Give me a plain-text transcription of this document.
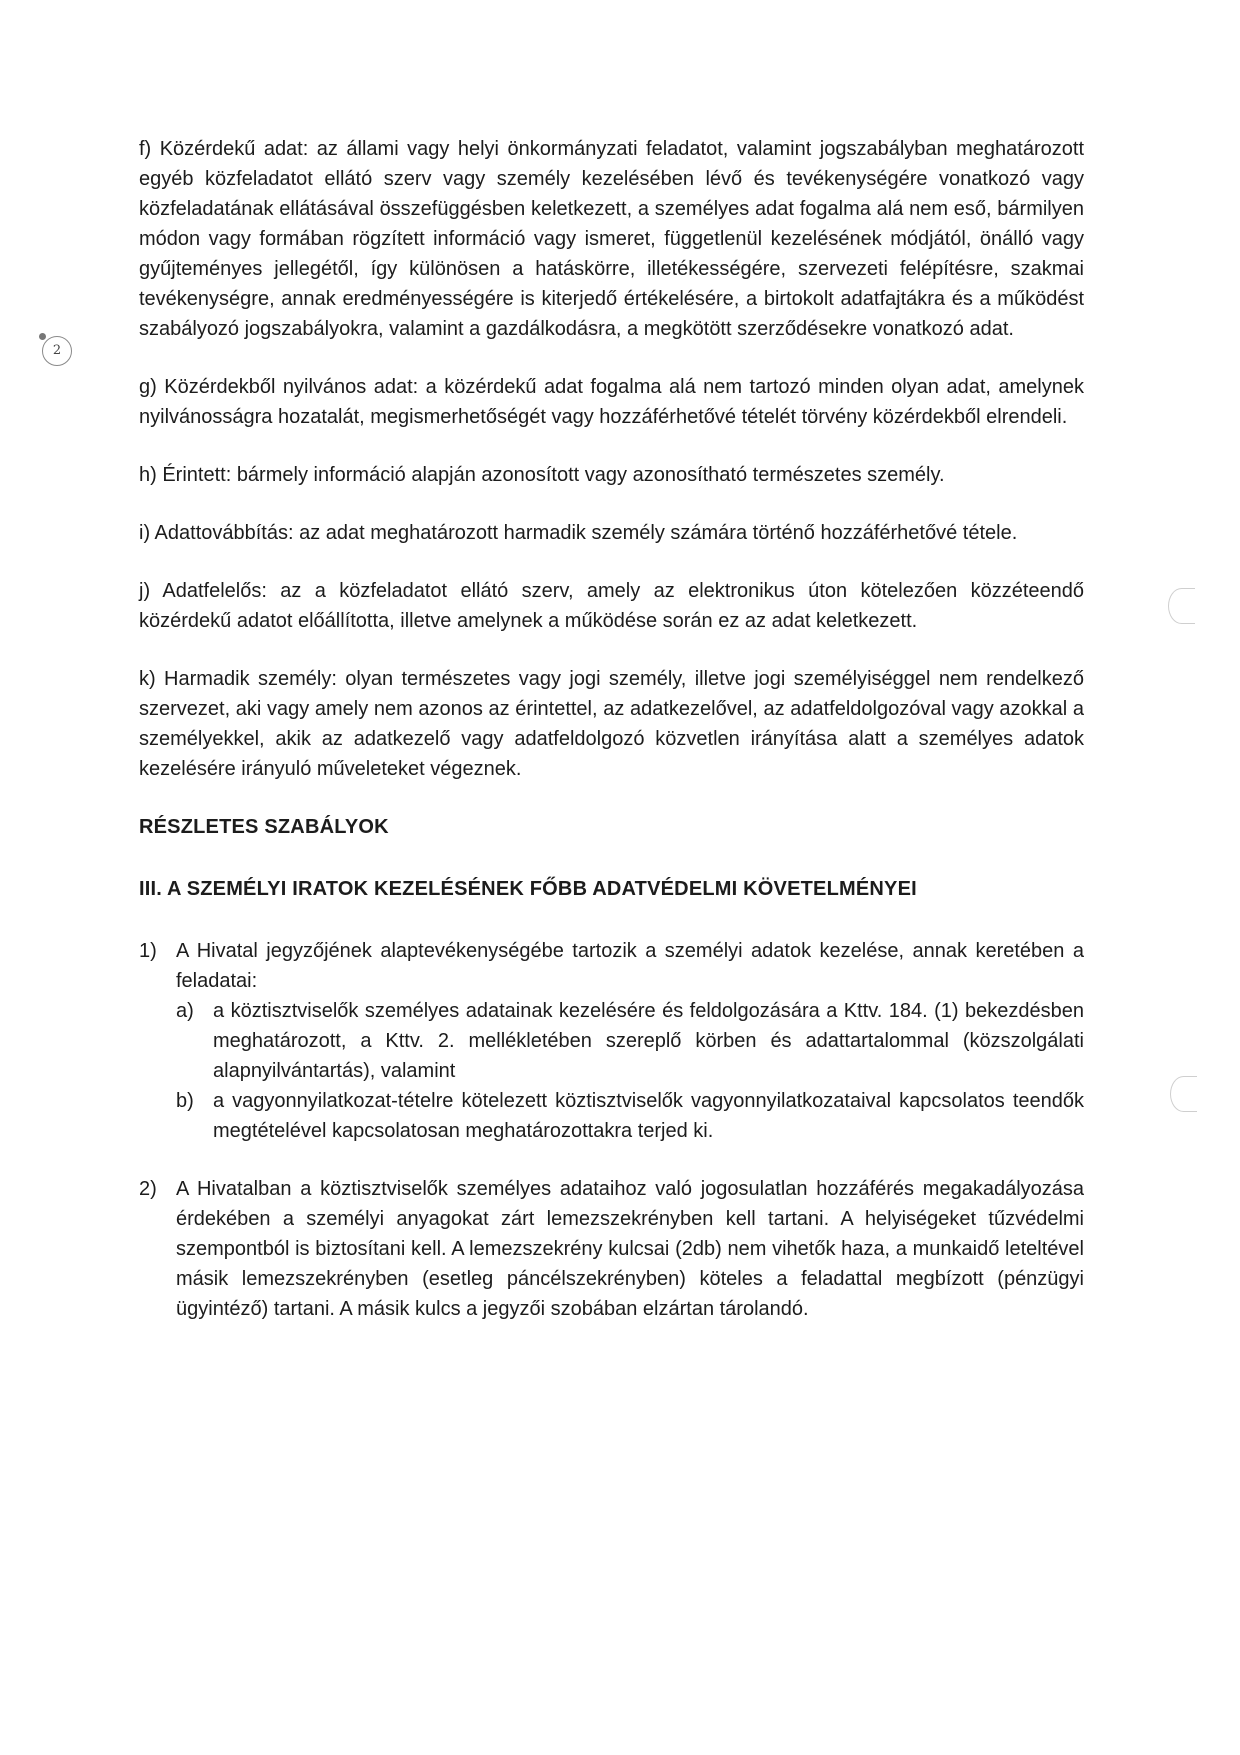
2

f) Közérdekű adat: az állami vagy helyi önkormányzati feladatot, valamint jogszabályban meghatározott egyéb közfeladatot ellátó szerv vagy személy kezelésében lévő és tevékenységére vonatkozó vagy közfeladatának ellátásával összefüggésben keletkezett, a személyes adat fogalma alá nem eső, bármilyen módon vagy formában rögzített információ vagy ismeret, függetlenül kezelésének módjától, önálló vagy gyűjteményes jellegétől, így különösen a hatáskörre, illetékességére, szervezeti felépítésre, szakmai tevékenységre, annak eredményességére is kiterjedő értékelésére, a birtokolt adatfajtákra és a működést szabályozó jogszabályokra, valamint a gazdálkodásra, a megkötött szerződésekre vonatkozó adat.

g) Közérdekből nyilvános adat: a közérdekű adat fogalma alá nem tartozó minden olyan adat, amelynek nyilvánosságra hozatalát, megismerhetőségét vagy hozzáférhetővé tételét törvény közérdekből elrendeli.

h) Érintett: bármely információ alapján azonosított vagy azonosítható természetes személy.

i) Adattovábbítás: az adat meghatározott harmadik személy számára történő hozzáférhetővé tétele.

j) Adatfelelős: az a közfeladatot ellátó szerv, amely az elektronikus úton kötelezően közzéteendő közérdekű adatot előállította, illetve amelynek a működése során ez az adat keletkezett.

k) Harmadik személy: olyan természetes vagy jogi személy, illetve jogi személyiséggel nem rendelkező szervezet, aki vagy amely nem azonos az érintettel, az adatkezelővel, az adatfeldolgozóval vagy azokkal a személyekkel, akik az adatkezelő vagy adatfeldolgozó közvetlen irányítása alatt a személyes adatok kezelésére irányuló műveleteket végeznek.

RÉSZLETES SZABÁLYOK
III. A SZEMÉLYI IRATOK KEZELÉSÉNEK FŐBB ADATVÉDELMI KÖVETELMÉNYEI
1) A Hivatal jegyzőjének alaptevékenységébe tartozik a személyi adatok kezelése, annak keretében a feladatai:
a) a köztisztviselők személyes adatainak kezelésére és feldolgozására a Kttv. 184. (1) bekezdésben meghatározott, a Kttv. 2. mellékletében szereplő körben és adattartalommal (közszolgálati alapnyilvántartás), valamint
b) a vagyonnyilatkozat-tételre kötelezett köztisztviselők vagyonnyilatkozataival kapcsolatos teendők megtételével kapcsolatosan meghatározottakra terjed ki.
2) A Hivatalban a köztisztviselők személyes adataihoz való jogosulatlan hozzáférés megakadályozása érdekében a személyi anyagokat zárt lemezszekrényben kell tartani. A helyiségeket tűzvédelmi szempontból is biztosítani kell. A lemezszekrény kulcsai (2db) nem vihetők haza, a munkaidő leteltével másik lemezszekrényben (esetleg páncélszekrényben) köteles a feladattal megbízott (pénzügyi ügyintéző) tartani. A másik kulcs a jegyzői szobában elzártan tárolandó.
